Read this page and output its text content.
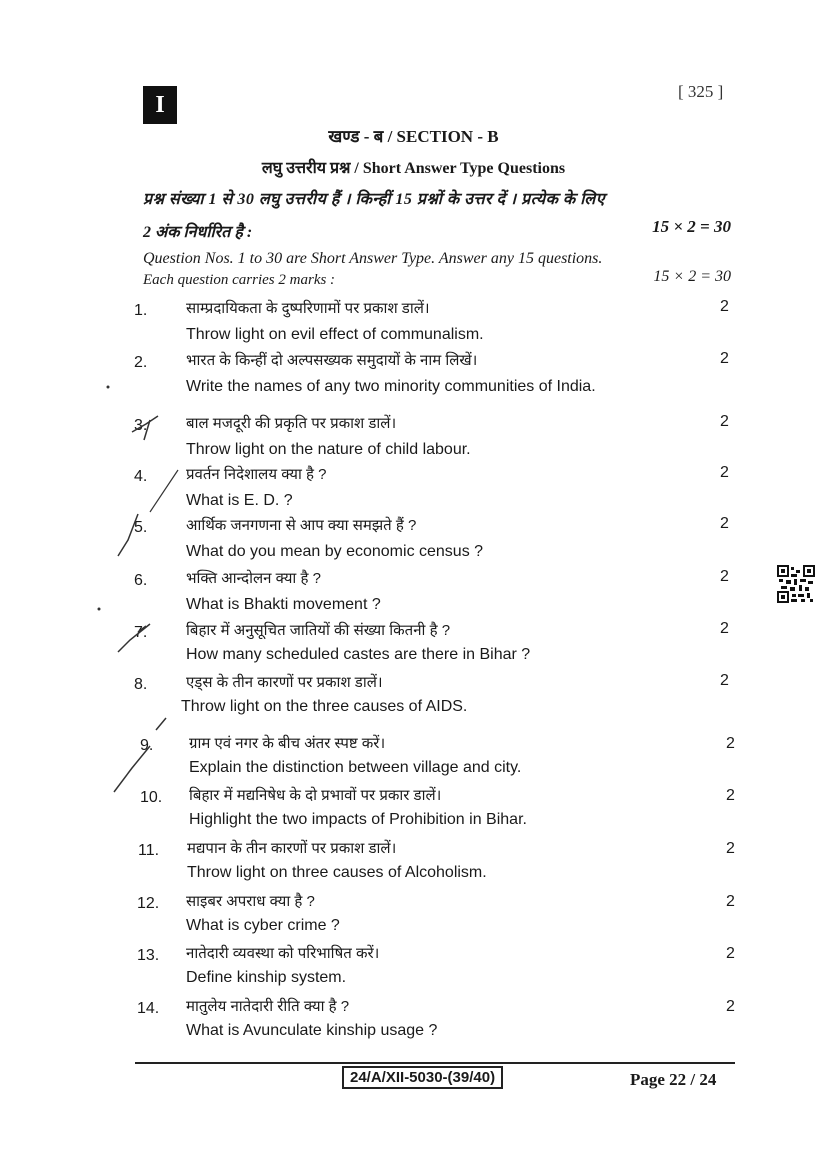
I	[ 325 ]
खण्ड - ब / SECTION - B
लघु उत्तरीय प्रश्न / Short Answer Type Questions
प्रश्न संख्या 1 से 30 लघु उत्तरीय हैं । किन्हीं 15 प्रश्नों के उत्तर दें । प्रत्येक के लिए
2 अंक निर्धारित है :	15 × 2 = 30
Question Nos. 1 to 30 are Short Answer Type. Answer any 15 questions.
Each question carries 2 marks :	15 × 2 = 30
1.	साम्प्रदायिकता के दुष्परिणामों पर प्रकाश डालें।	2
Throw light on evil effect of communalism.
2.	भारत के किन्हीं दो अल्पसख्यक समुदायों के नाम लिखें।	2
Write the names of any two minority communities of India.
3.	बाल मजदूरी की प्रकृति पर प्रकाश डालें।	2
Throw light on the nature of child labour.
4.	प्रवर्तन निदेशालय क्या है ?	2
What is E. D. ?
5.	आर्थिक जनगणना से आप क्या समझते हैं ?	2
What do you mean by economic census ?
6.	भक्ति आन्दोलन क्या है ?	2
What is Bhakti movement ?
7.	बिहार में अनुसूचित जातियों की संख्या कितनी है ?	2
How many scheduled castes are there in Bihar ?
8.	एड्स के तीन कारणों पर प्रकाश डालें।	2
Throw light on the three causes of AIDS.
9. ग्राम एवं नगर के बीच अंतर स्पष्ट करें।	2
Explain the distinction between village and city.
10. बिहार में मद्यनिषेध के दो प्रभावों पर प्रकार डालें।	2
Highlight the two impacts of Prohibition in Bihar.
11. मद्यपान के तीन कारणों पर प्रकाश डालें।	2
Throw light on three causes of Alcoholism.
12. साइबर अपराध क्या है ?	2
What is cyber crime ?
13. नातेदारी व्यवस्था को परिभाषित करें।	2
Define kinship system.
14. मातुलेय नातेदारी रीति क्या है ?	2
What is Avunculate kinship usage ?
24/A/XII-5030-(39/40)	Page 22 / 24
